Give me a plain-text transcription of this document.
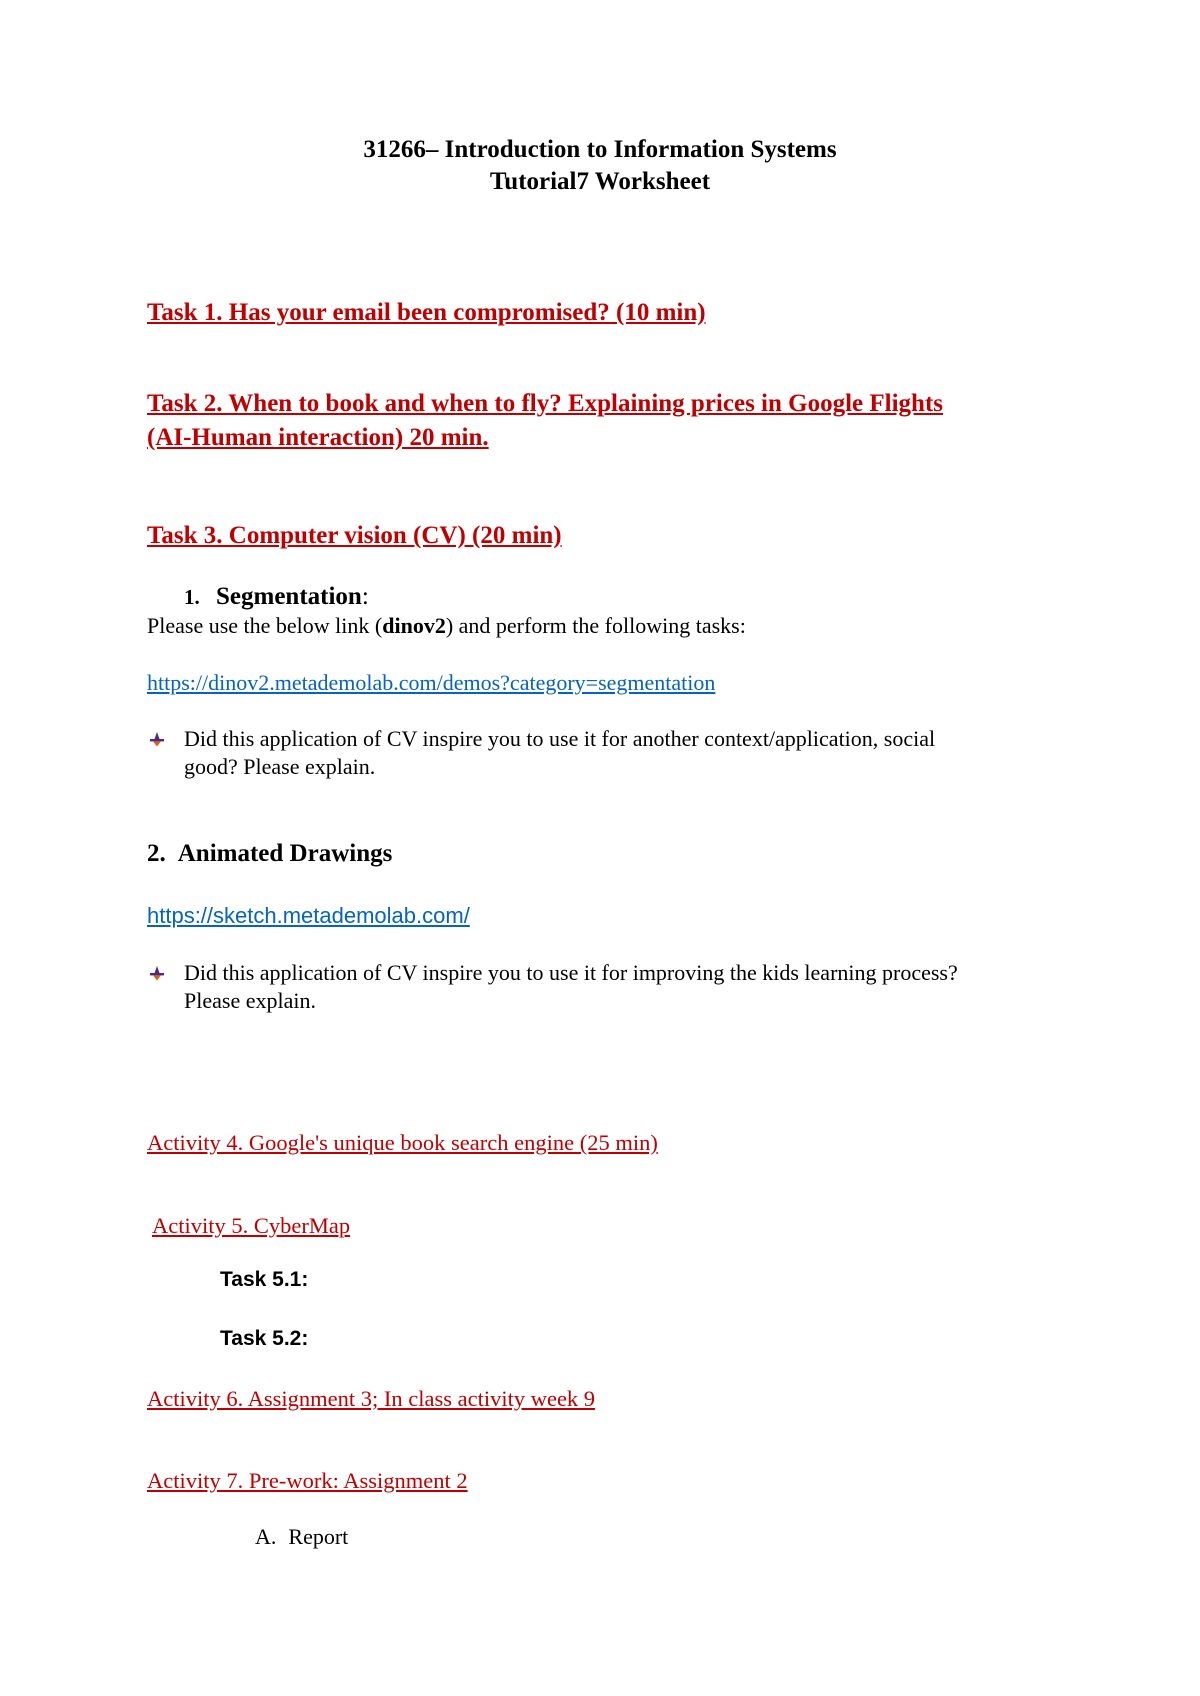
31266– Introduction to Information Systems
Tutorial7 Worksheet
Task 1. Has your email been compromised? (10 min)
Task 2. When to book and when to fly? Explaining prices in Google Flights
(AI-Human interaction) 20 min.
Task 3. Computer vision (CV) (20 min)
1. Segmentation:
Please use the below link (dinov2) and perform the following tasks:
https://dinov2.metademolab.com/demos?category=segmentation
Did this application of CV inspire you to use it for another context/application, social
good? Please explain.
2. Animated Drawings
https://sketch.metademolab.com/
Did this application of CV inspire you to use it for improving the kids learning process?
Please explain.
Activity 4. Google's unique book search engine (25 min)
Activity 5. CyberMap
Task 5.1:
Task 5.2:
Activity 6. Assignment 3; In class activity week 9
Activity 7. Pre-work: Assignment 2
A. Report
